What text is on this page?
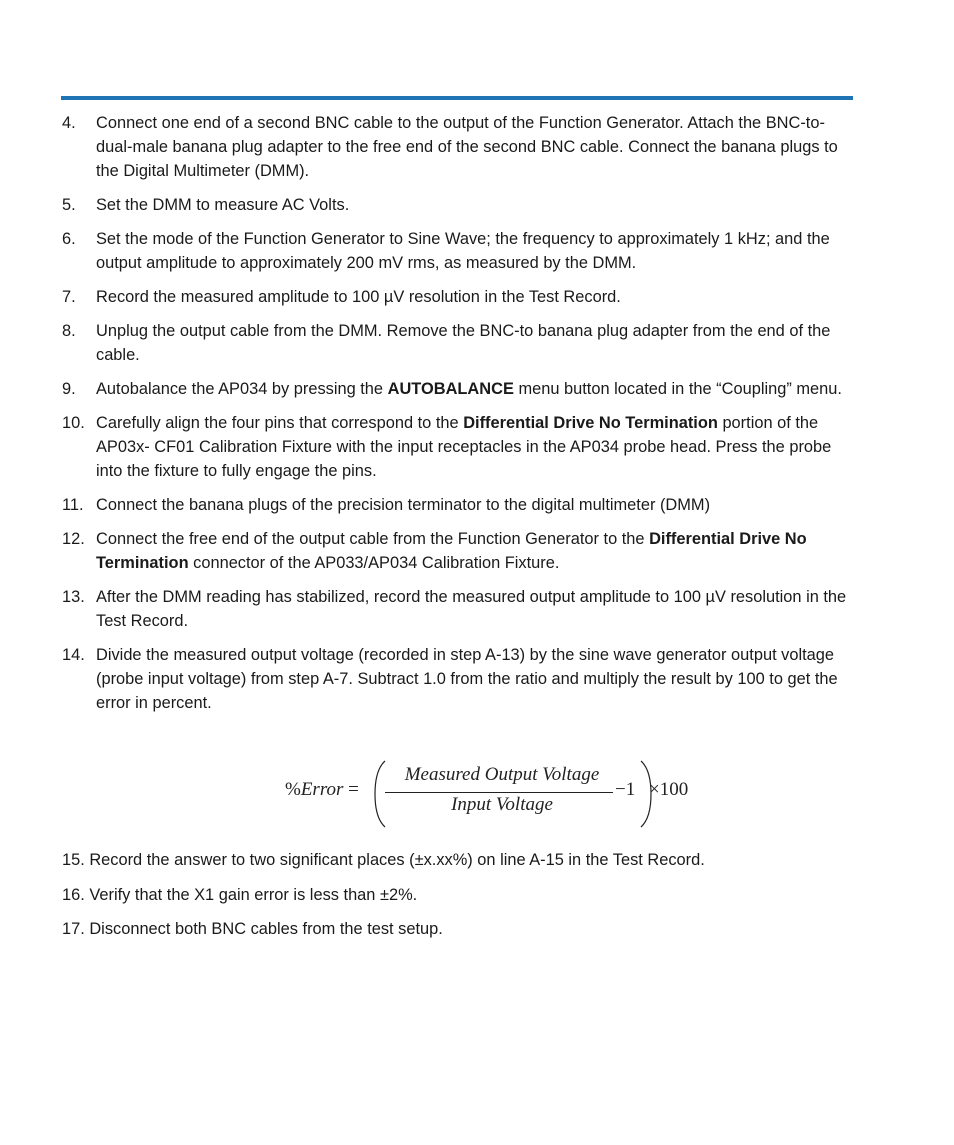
4. Connect one end of a second BNC cable to the output of the Function Generator. Attach the BNC-to-dual-male banana plug adapter to the free end of the second BNC cable. Connect the banana plugs to the Digital Multimeter (DMM).
5. Set the DMM to measure AC Volts.
6. Set the mode of the Function Generator to Sine Wave; the frequency to approximately 1 kHz; and the output amplitude to approximately 200 mV rms, as measured by the DMM.
7. Record the measured amplitude to 100 µV resolution in the Test Record.
8. Unplug the output cable from the DMM. Remove the BNC-to banana plug adapter from the end of the cable.
9. Autobalance the AP034 by pressing the AUTOBALANCE menu button located in the “Coupling” menu.
10. Carefully align the four pins that correspond to the Differential Drive No Termination portion of the AP03x- CF01 Calibration Fixture with the input receptacles in the AP034 probe head. Press the probe into the fixture to fully engage the pins.
11. Connect the banana plugs of the precision terminator to the digital multimeter (DMM)
12. Connect the free end of the output cable from the Function Generator to the Differential Drive No Termination connector of the AP033/AP034 Calibration Fixture.
13. After the DMM reading has stabilized, record the measured output amplitude to 100 µV resolution in the Test Record.
14. Divide the measured output voltage (recorded in step A-13) by the sine wave generator output voltage (probe input voltage) from step A-7. Subtract 1.0 from the ratio and multiply the result by 100 to get the error in percent.
%Error =
Measured Output Voltage
Input Voltage
−1 ×100
15. Record the answer to two significant places (±x.xx%) on line A-15 in the Test Record.
16. Verify that the X1 gain error is less than ±2%.
17. Disconnect both BNC cables from the test setup.
